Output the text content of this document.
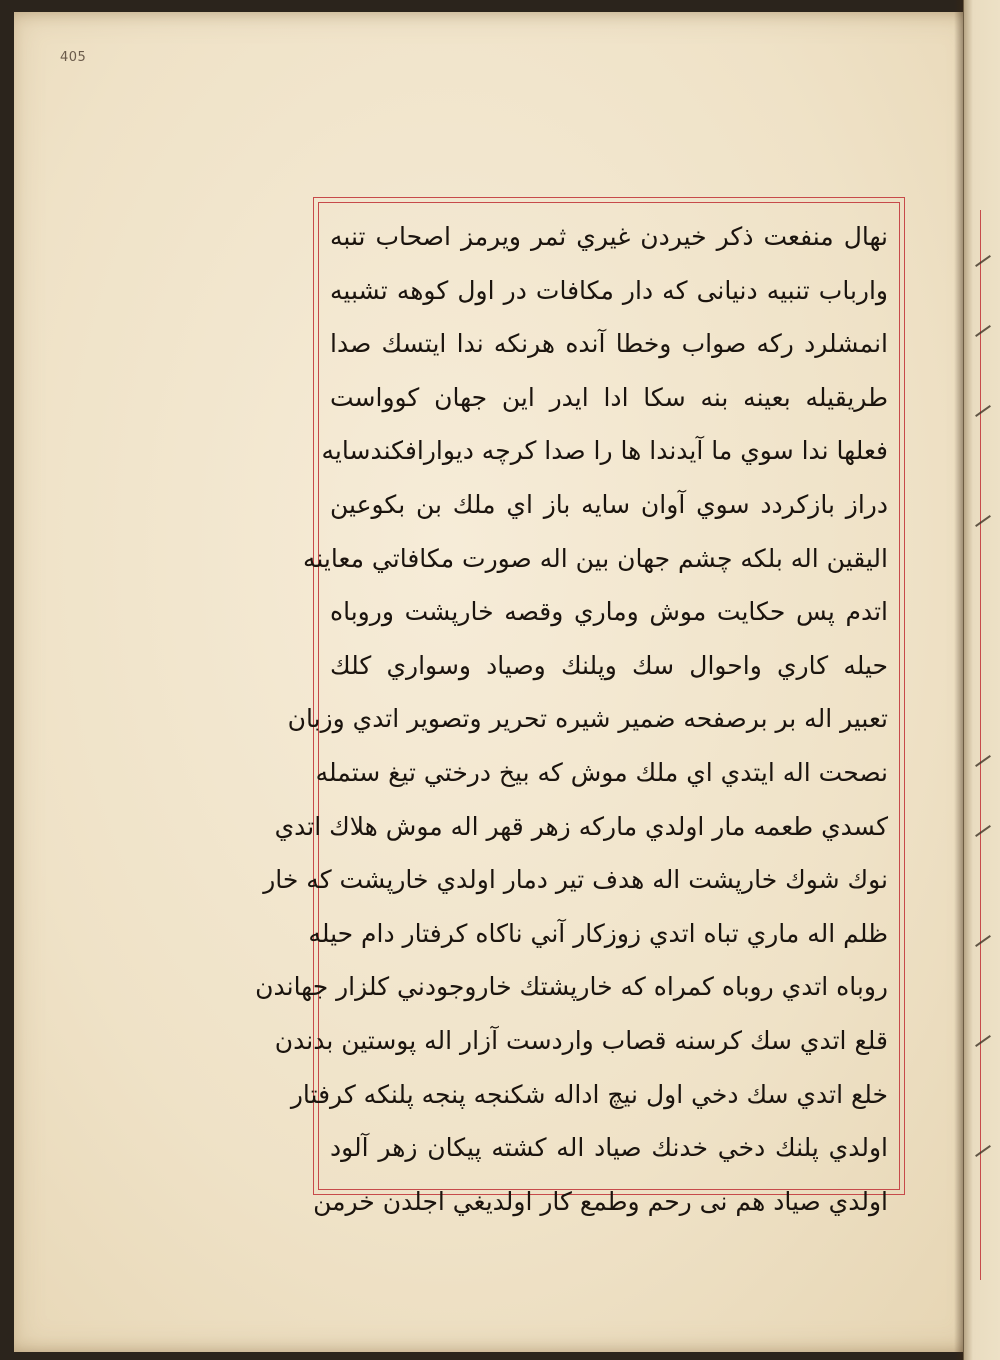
405
نهال منفعت ذکر خیردن غیري ثمر ویرمز اصحاب تنبه
وارباب تنبیه دنیانی که دار مکافات در اول کوهه تشبیه
انمشلرد رکه صواب وخطا آنده هرنکه ندا ایتسك صدا
طریقیله بعینه بنه سکا ادا ایدر این جهان کوواست
فعلها ندا سوي ما آیدندا ها را صدا کرچه دیوارافکندسایه
دراز بازکردد سوي آوان سایه باز اي ملك بن بکوعین
الیقین اله بلکه چشم جهان بین اله صورت مکافاتي معاینه
اتدم پس حکایت موش وماري وقصه خارپشت وروباه
حیله کاري واحوال سك وپلنك وصیاد وسواري کلك
تعبیر اله بر برصفحه ضمیر شیره تحریر وتصویر اتدي وزبان
نصحت اله ایتدي اي ملك موش که بیخ درختي تیغ ستمله
کسدي طعمه مار اولدي مارکه زهر قهر اله موش هلاك اتدي
نوك شوك خارپشت اله هدف تیر دمار اولدي خارپشت که خار
ظلم اله ماري تباه اتدي زوزکار آني ناکاه کرفتار دام حیله
روباه اتدي روباه کمراه که خارپشتك خاروجودني کلزار جهاندن
قلع اتدي سك کرسنه قصاب واردست آزار اله پوستین بدندن
خلع اتدي سك دخي اول نیچ اداله شکنجه پنجه پلنکه کرفتار
اولدي پلنك دخي خدنك صیاد اله کشته پیکان زهر آلود
اولدي صیاد هم نی رحم وطمع کار اولدیغي اجلدن خرمن
